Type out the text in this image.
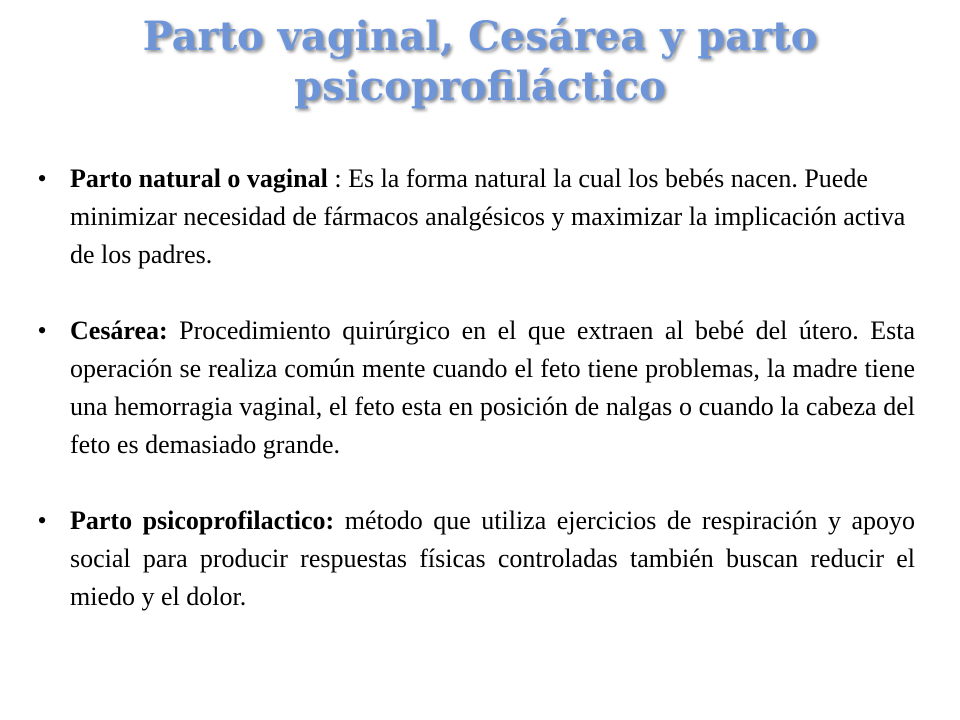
Parto vaginal, Cesárea y parto
psicoprofiláctico
• Parto natural o vaginal : Es la forma natural la cual los bebés nacen. Puede minimizar necesidad de fármacos analgésicos y maximizar la implicación activa de los padres.
• Cesárea: Procedimiento quirúrgico en el que extraen al bebé del útero. Esta operación se realiza común mente cuando el feto tiene problemas, la madre tiene una hemorragia vaginal, el feto esta en posición de nalgas o cuando la cabeza del feto es demasiado grande.
• Parto psicoprofilactico: método que utiliza ejercicios de respiración y apoyo social para producir respuestas físicas controladas también buscan reducir el miedo y el dolor.
